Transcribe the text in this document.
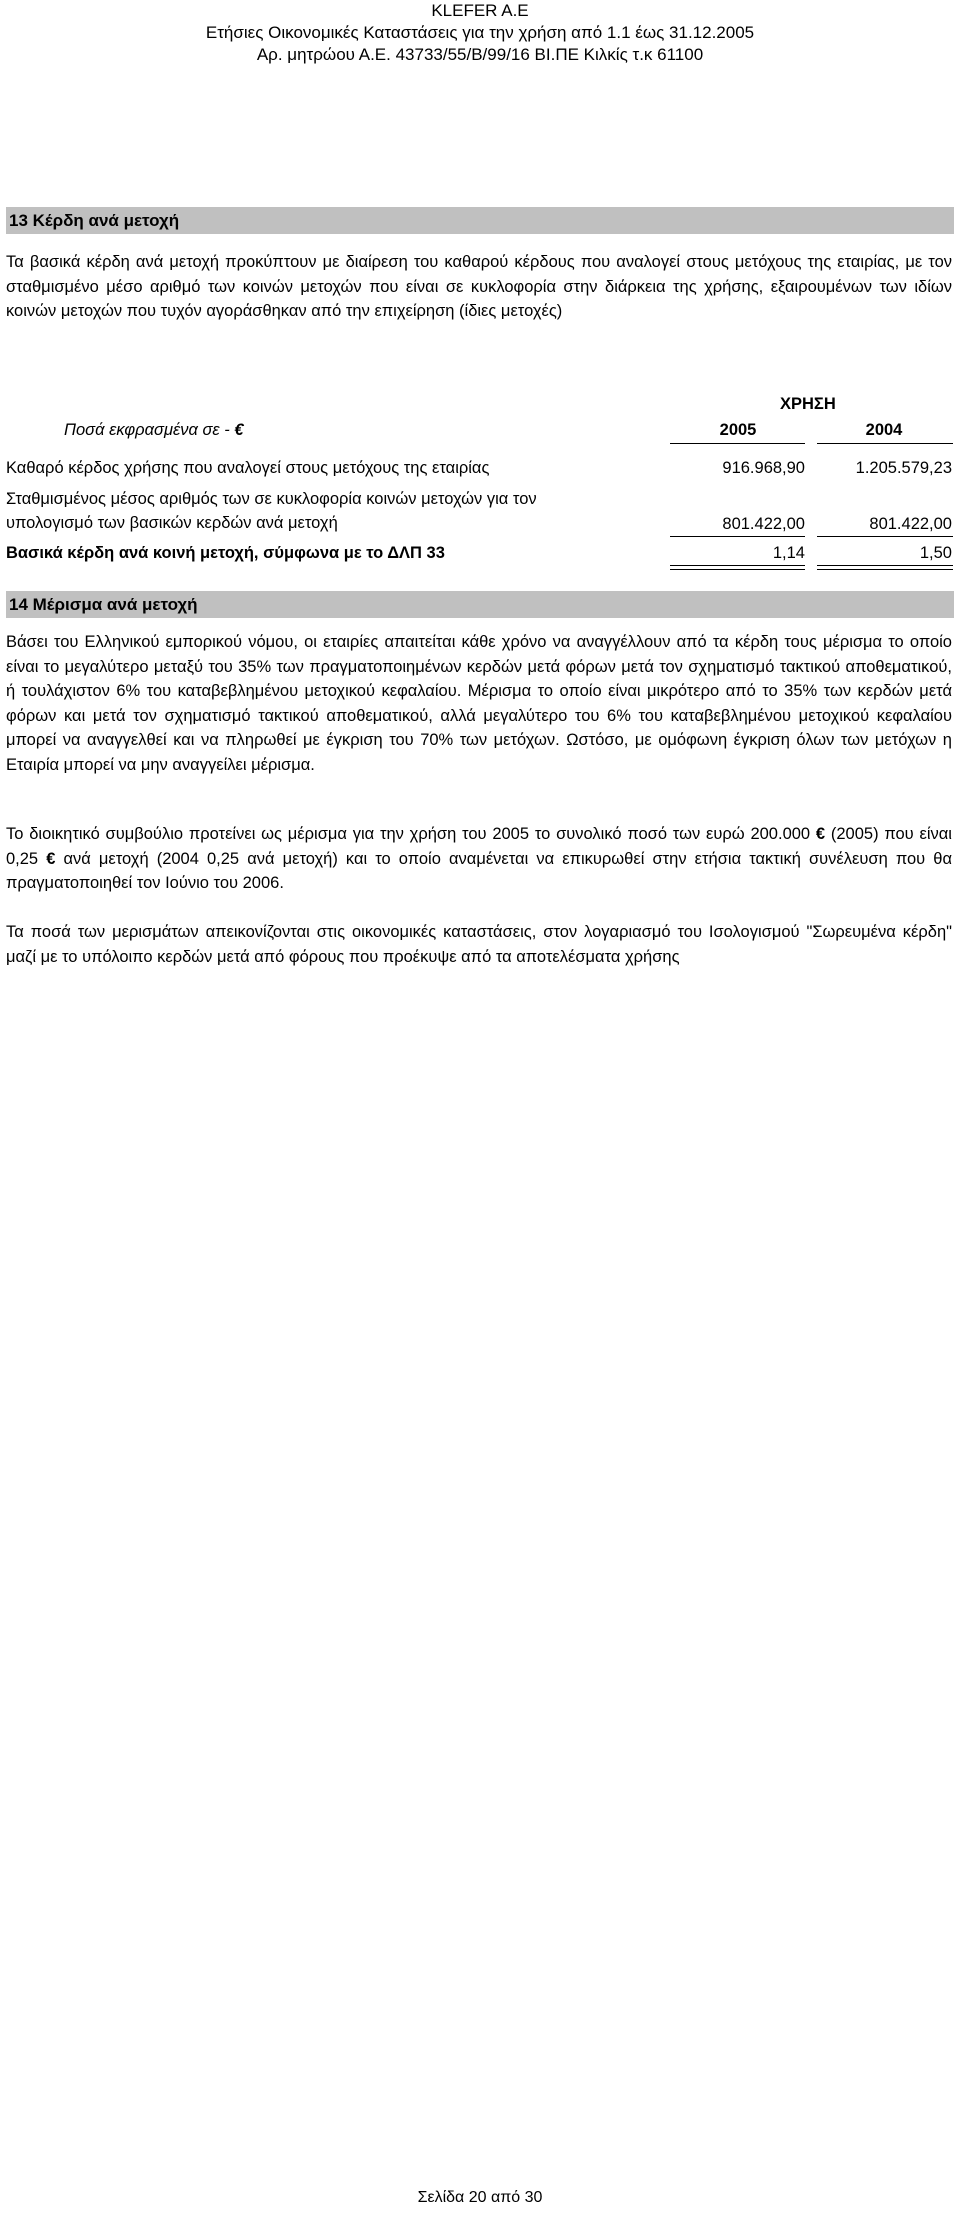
KLEFER A.E
Ετήσιες Οικονομικές Καταστάσεις για την χρήση από 1.1 έως 31.12.2005
Αρ. μητρώου Α.Ε. 43733/55/Β/99/16 ΒΙ.ΠΕ Κιλκίς τ.κ 61100
13 Κέρδη ανά μετοχή

Τα βασικά κέρδη ανά μετοχή προκύπτουν με διαίρεση του καθαρού κέρδους που αναλογεί στους μετόχους της εταιρίας, με τον σταθμισμένο μέσο αριθμό των κοινών μετοχών που είναι σε κυκλοφορία στην διάρκεια της χρήσης, εξαιρουμένων των ιδίων κοινών μετοχών που τυχόν αγοράσθηκαν από την επιχείρηση (ίδιες μετοχές)

ΧΡΗΣΗ
Ποσά εκφρασμένα σε - €	2005	2004
Καθαρό κέρδος χρήσης που αναλογεί στους μετόχους της εταιρίας	916.968,90	1.205.579,23
Σταθμισμένος μέσος αριθμός των σε κυκλοφορία κοινών μετοχών για τον
υπολογισμό των βασικών κερδών ανά μετοχή	801.422,00	801.422,00
Βασικά κέρδη ανά κοινή μετοχή, σύμφωνα με το ΔΛΠ 33	1,14	1,50
14 Μέρισμα ανά μετοχή

Βάσει του Ελληνικού εμπορικού νόμου, οι εταιρίες απαιτείται κάθε χρόνο να αναγγέλλουν από τα κέρδη τους μέρισμα το οποίο είναι το μεγαλύτερο μεταξύ του 35% των πραγματοποιημένων κερδών μετά φόρων μετά τον σχηματισμό τακτικού αποθεματικού, ή τουλάχιστον 6% του καταβεβλημένου μετοχικού κεφαλαίου. Μέρισμα το οποίο είναι μικρότερο από το 35% των κερδών μετά φόρων και μετά τον σχηματισμό τακτικού αποθεματικού, αλλά μεγαλύτερο του 6% του καταβεβλημένου μετοχικού κεφαλαίου μπορεί να αναγγελθεί και να πληρωθεί με έγκριση του 70% των μετόχων. Ωστόσο, με ομόφωνη έγκριση όλων των μετόχων η Εταιρία μπορεί να μην αναγγείλει μέρισμα.

Το διοικητικό συμβούλιο προτείνει ως μέρισμα για την χρήση του 2005 το συνολικό ποσό των ευρώ 200.000 € (2005) που είναι 0,25 € ανά μετοχή (2004 0,25 ανά μετοχή) και το οποίο αναμένεται να επικυρωθεί στην ετήσια τακτική συνέλευση που θα πραγματοποιηθεί τον Ιούνιο του 2006.

Τα ποσά των μερισμάτων απεικονίζονται στις οικονομικές καταστάσεις, στον λογαριασμό του Ισολογισμού "Σωρευμένα κέρδη" μαζί με το υπόλοιπο κερδών μετά από φόρους που προέκυψε από τα αποτελέσματα χρήσης

Σελίδα 20 από 30
